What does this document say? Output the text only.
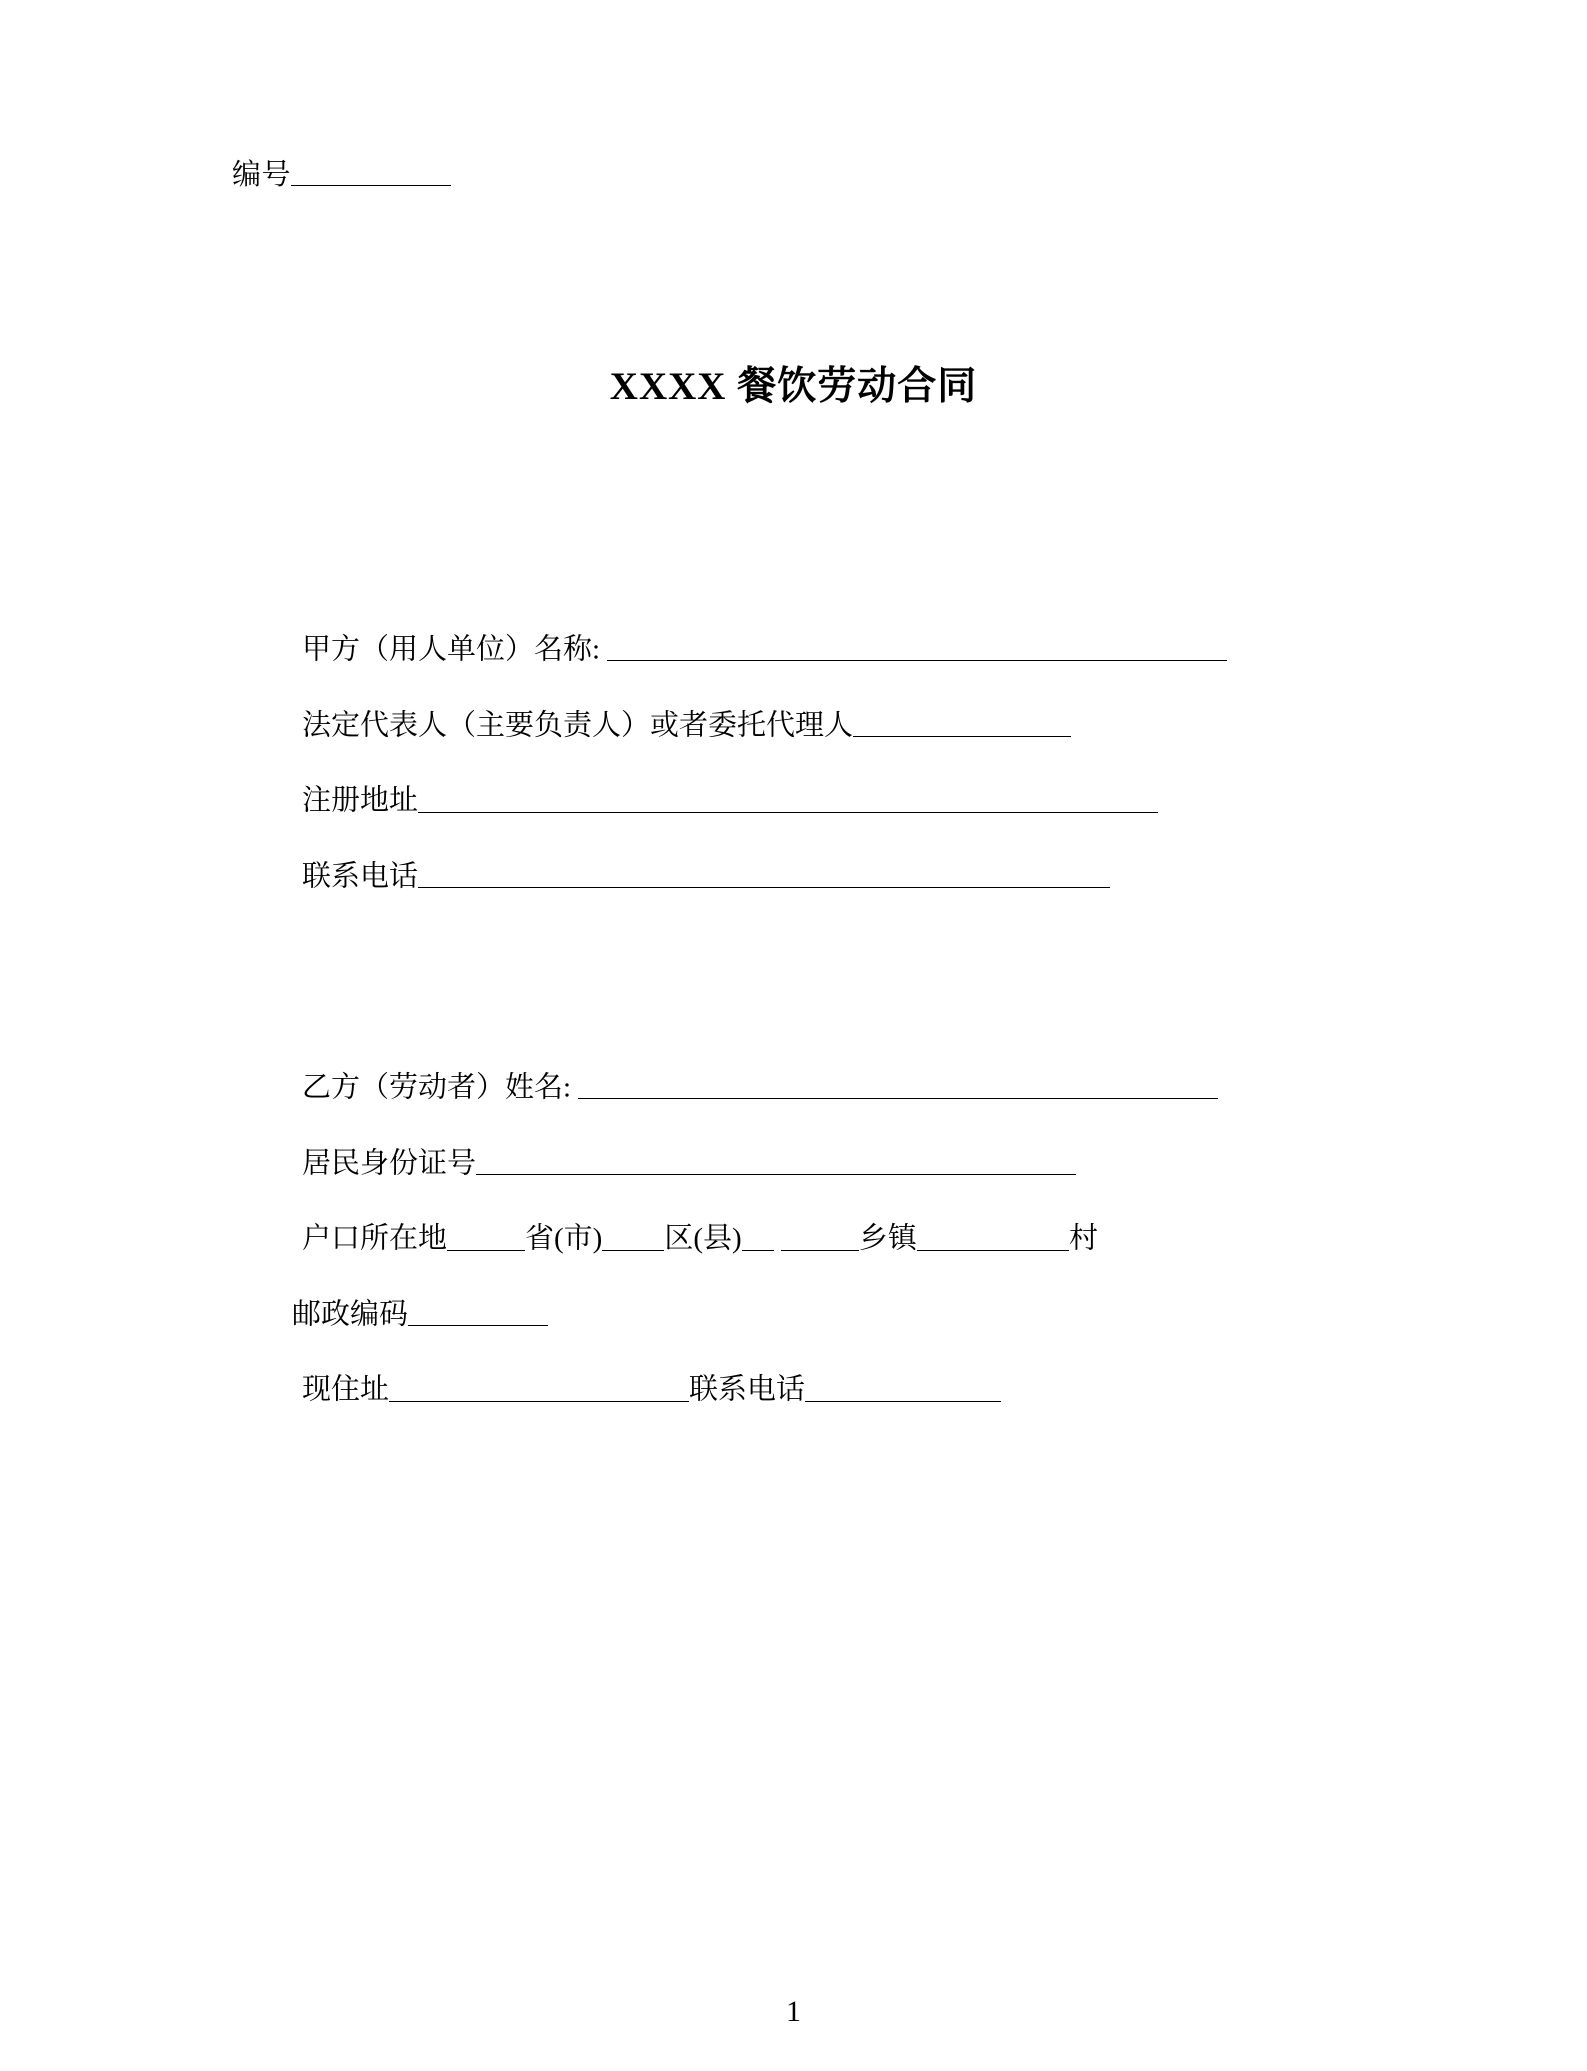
编号
XXXX 餐饮劳动合同
甲方（用人单位）名称:
法定代表人（主要负责人）或者委托代理人
注册地址
联系电话
乙方（劳动者）姓名:
居民身份证号
户口所在地	省(市) 区(县)	乡镇	村
邮政编码
现住址	联系电话
1
